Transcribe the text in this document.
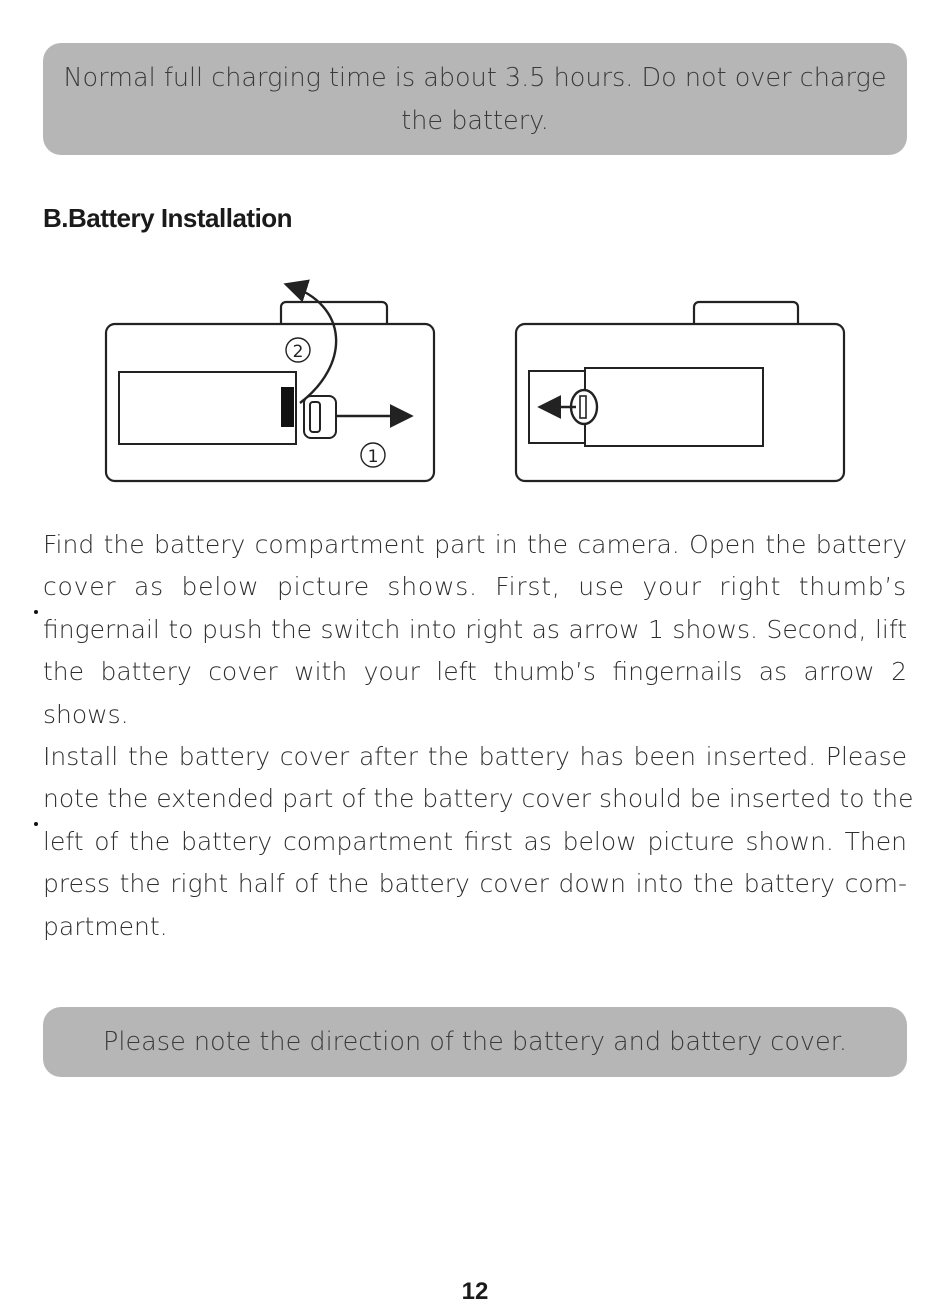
Normal full charging time is about 3.5 hours. Do not over charge
the battery.
B.Battery Installation
2
1
Find the battery compartment part in the camera. Open the battery
cover as below picture shows. First, use your right thumb’s
fingernail to push the switch into right as arrow 1 shows. Second, lift
the battery cover with your left thumb’s fingernails as arrow 2
shows.
Install the battery cover after the battery has been inserted. Please
note the extended part of the battery cover should be inserted to the
left of the battery compartment first as below picture shown. Then
press the right half of the battery cover down into the battery com-
partment.
Please note the direction of the battery and battery cover.
12
